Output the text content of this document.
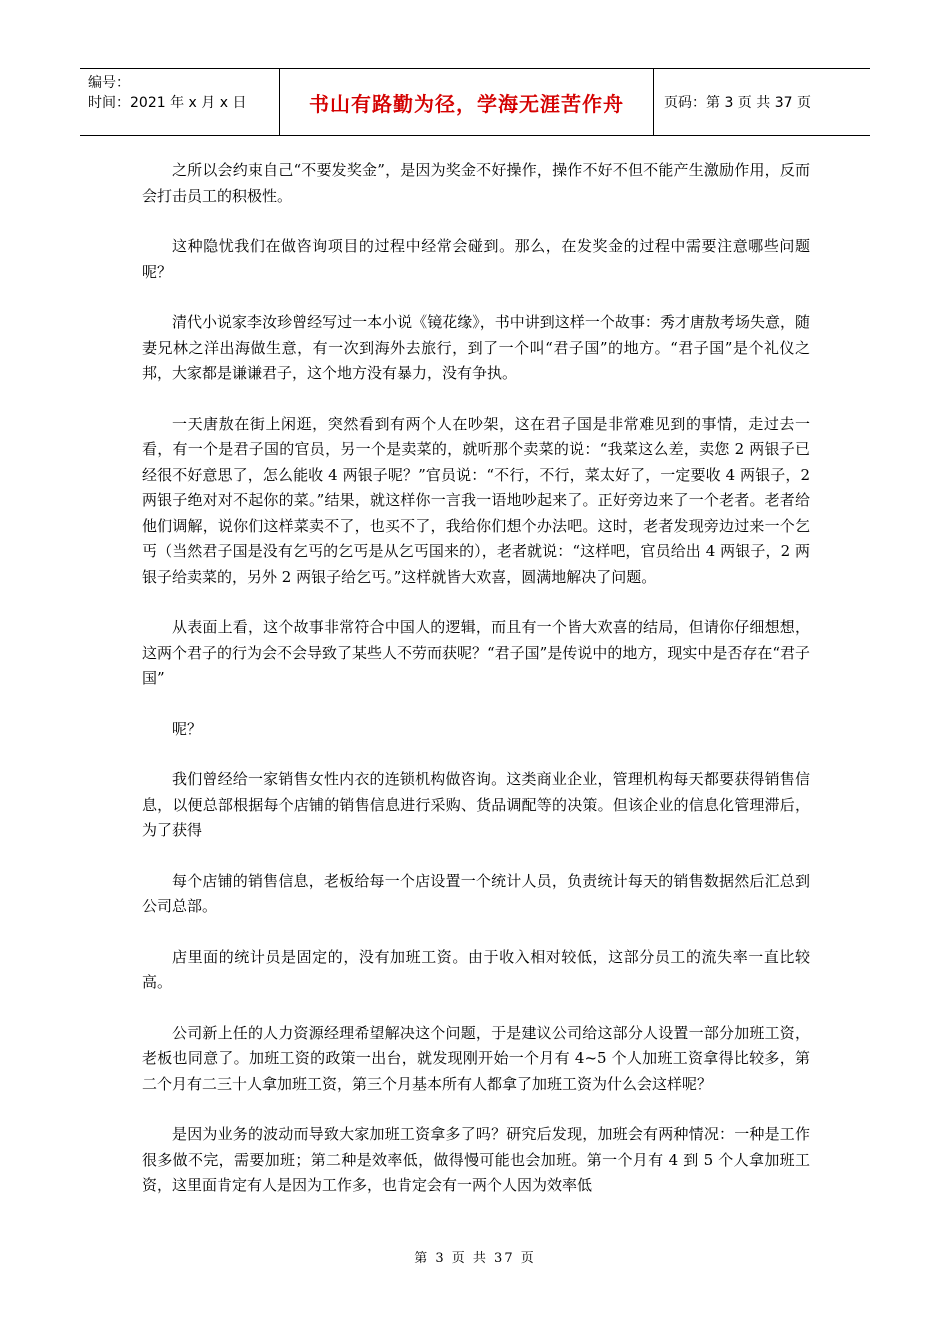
编号：
时间：2021 年 x 月 x 日	书山有路勤为径，学海无涯苦作舟	页码：第 3 页 共 37 页

之所以会约束自己“不要发奖金”，是因为奖金不好操作，操作不好不但不能产生激励作用，反而会打击员工的积极性。

这种隐忧我们在做咨询项目的过程中经常会碰到。那么，在发奖金的过程中需要注意哪些问题呢？

清代小说家李汝珍曾经写过一本小说《镜花缘》，书中讲到这样一个故事：秀才唐敖考场失意，随妻兄林之洋出海做生意，有一次到海外去旅行，到了一个叫“君子国”的地方。“君子国”是个礼仪之邦，大家都是谦谦君子，这个地方没有暴力，没有争执。

一天唐敖在街上闲逛，突然看到有两个人在吵架，这在君子国是非常难见到的事情，走过去一看，有一个是君子国的官员，另一个是卖菜的，就听那个卖菜的说：“我菜这么差，卖您 2 两银子已经很不好意思了，怎么能收 4 两银子呢？”官员说：“不行，不行，菜太好了，一定要收 4 两银子，2 两银子绝对对不起你的菜。”结果，就这样你一言我一语地吵起来了。正好旁边来了一个老者。老者给他们调解，说你们这样菜卖不了，也买不了，我给你们想个办法吧。这时，老者发现旁边过来一个乞丐（当然君子国是没有乞丐的乞丐是从乞丐国来的），老者就说：“这样吧，官员给出 4 两银子，2 两银子给卖菜的，另外 2 两银子给乞丐。”这样就皆大欢喜，圆满地解决了问题。

从表面上看，这个故事非常符合中国人的逻辑，而且有一个皆大欢喜的结局，但请你仔细想想，这两个君子的行为会不会导致了某些人不劳而获呢？“君子国”是传说中的地方，现实中是否存在“君子国”

呢？

我们曾经给一家销售女性内衣的连锁机构做咨询。这类商业企业，管理机构每天都要获得销售信息，以便总部根据每个店铺的销售信息进行采购、货品调配等的决策。但该企业的信息化管理滞后，为了获得

每个店铺的销售信息，老板给每一个店设置一个统计人员，负责统计每天的销售数据然后汇总到公司总部。

店里面的统计员是固定的，没有加班工资。由于收入相对较低，这部分员工的流失率一直比较高。

公司新上任的人力资源经理希望解决这个问题，于是建议公司给这部分人设置一部分加班工资，老板也同意了。加班工资的政策一出台，就发现刚开始一个月有 4~5 个人加班工资拿得比较多，第二个月有二三十人拿加班工资，第三个月基本所有人都拿了加班工资为什么会这样呢？

是因为业务的波动而导致大家加班工资拿多了吗？研究后发现，加班会有两种情况：一种是工作很多做不完，需要加班；第二种是效率低，做得慢可能也会加班。第一个月有 4 到 5 个人拿加班工资，这里面肯定有人是因为工作多，也肯定会有一两个人因为效率低

第 3 页 共 37 页
